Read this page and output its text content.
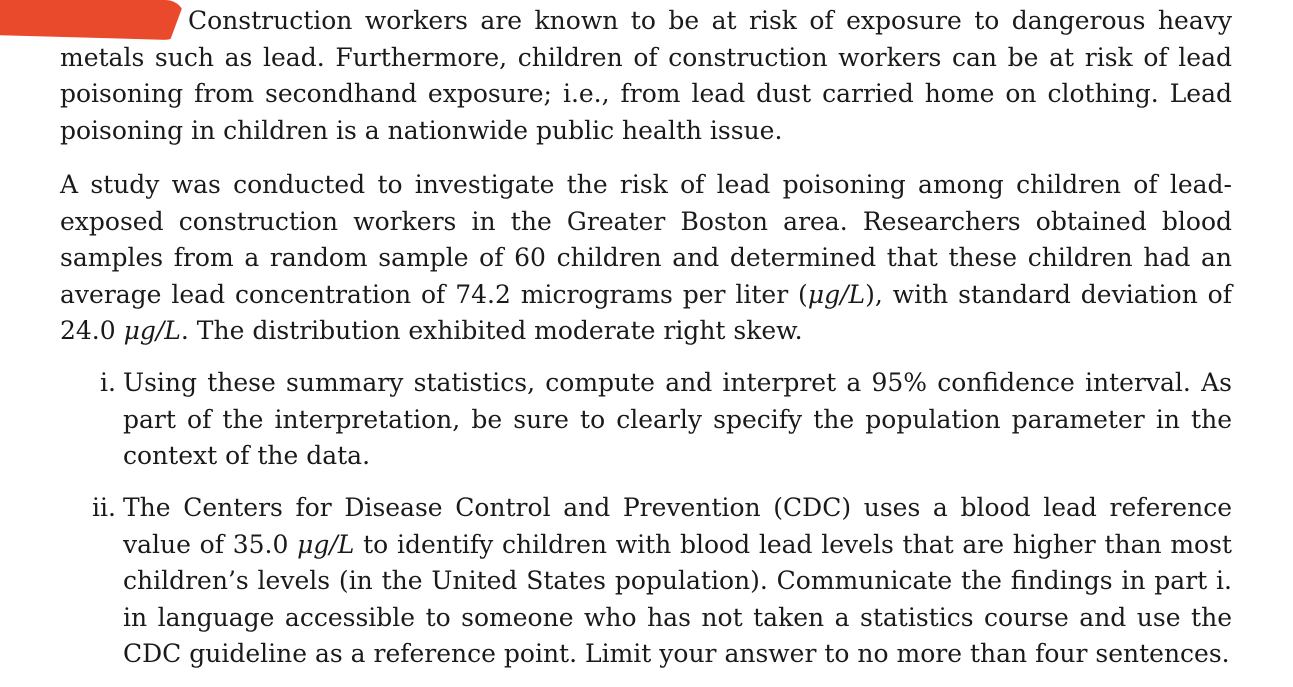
Construction workers are known to be at risk of exposure to dangerous heavy metals such as lead. Furthermore, children of construction workers can be at risk of lead poisoning from secondhand exposure; i.e., from lead dust carried home on clothing. Lead poisoning in children is a nationwide public health issue.

A study was conducted to investigate the risk of lead poisoning among children of lead-exposed construction workers in the Greater Boston area. Researchers obtained blood samples from a random sample of 60 children and determined that these children had an average lead concentration of 74.2 micrograms per liter (μg/L), with standard deviation of 24.0 μg/L. The distribution exhibited moderate right skew.

i. Using these summary statistics, compute and interpret a 95% confidence interval. As part of the interpretation, be sure to clearly specify the population parameter in the context of the data.

ii. The Centers for Disease Control and Prevention (CDC) uses a blood lead reference value of 35.0 μg/L to identify children with blood lead levels that are higher than most children’s levels (in the United States population). Communicate the findings in part i. in language accessible to someone who has not taken a statistics course and use the CDC guideline as a reference point. Limit your answer to no more than four sentences.
